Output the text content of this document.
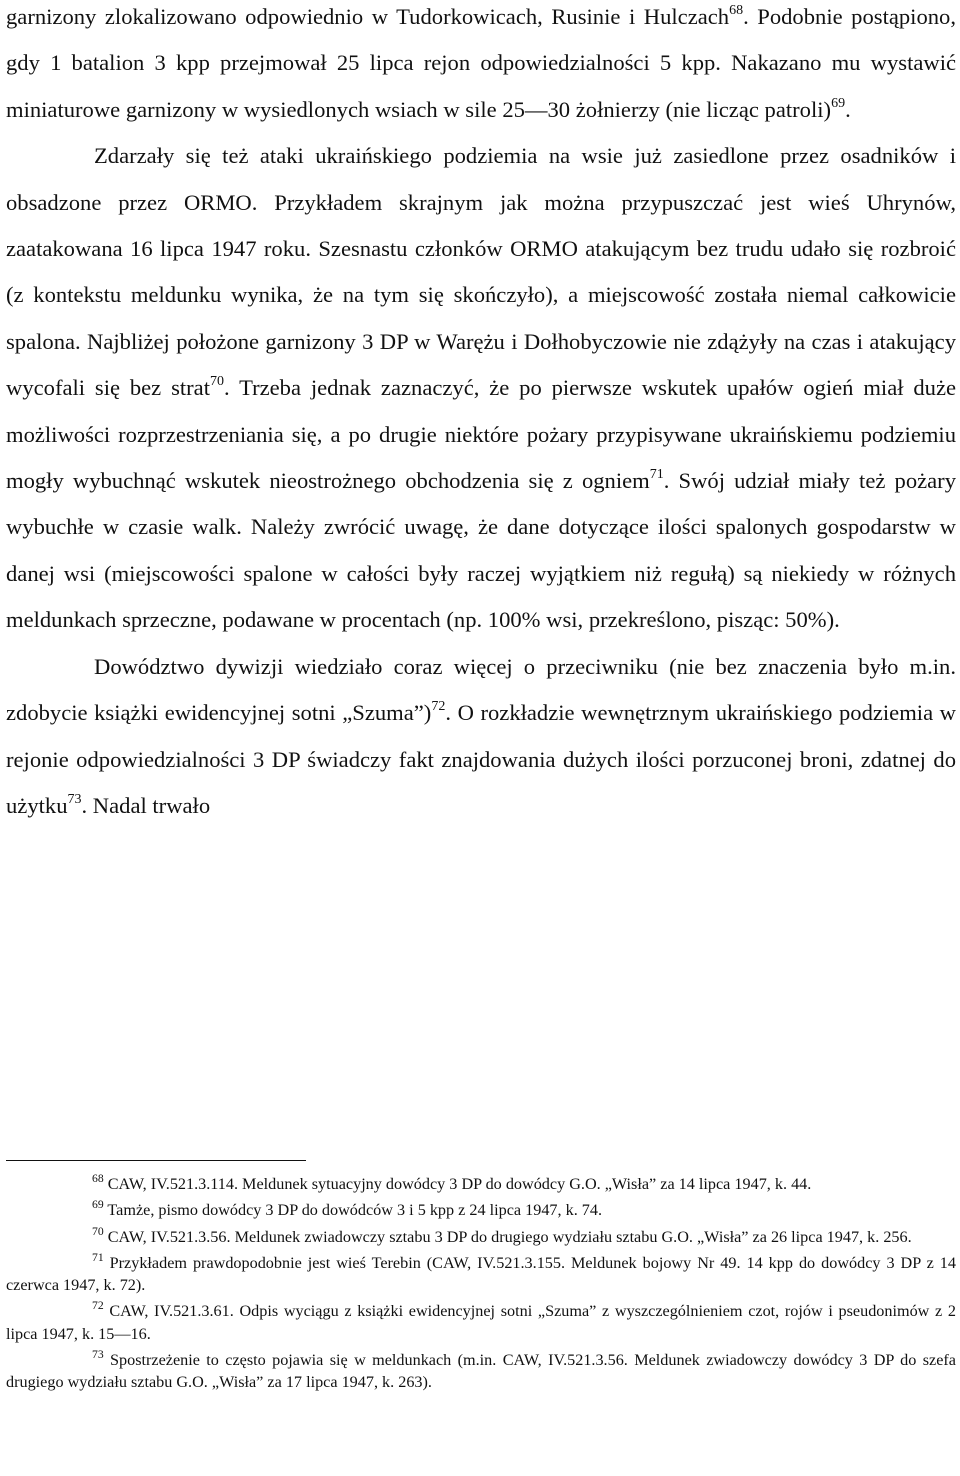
garnizony zlokalizowano odpowiednio w Tudorkowicach, Rusinie i Hulczach$^{68}$. Podobnie postąpiono, gdy 1 batalion 3 kpp przejmował 25 lipca rejon odpowiedzialności 5 kpp. Nakazano mu wystawić miniaturowe garnizony w wysiedlonych wsiach w sile 25—30 żołnierzy (nie licząc patroli)$^{69}$.

Zdarzały się też ataki ukraińskiego podziemia na wsie już zasiedlone przez osadników i obsadzone przez ORMO. Przykładem skrajnym jak można przypuszczać jest wieś Uhrynów, zaatakowana 16 lipca 1947 roku. Szesnastu członków ORMO atakującym bez trudu udało się rozbroić (z kontekstu meldunku wynika, że na tym się skończyło), a miejscowość została niemal całkowicie spalona. Najbliżej położone garnizony 3 DP w Warężu i Dołhobyczowie nie zdążyły na czas i atakujący wycofali się bez strat$^{70}$. Trzeba jednak zaznaczyć, że po pierwsze wskutek upałów ogień miał duże możliwości rozprzestrzeniania się, a po drugie niektóre pożary przypisywane ukraińskiemu podziemiu mogły wybuchnąć wskutek nieostrożnego obchodzenia się z ogniem$^{71}$. Swój udział miały też pożary wybuchłe w czasie walk. Należy zwrócić uwagę, że dane dotyczące ilości spalonych gospodarstw w danej wsi (miejscowości spalone w całości były raczej wyjątkiem niż regułą) są niekiedy w różnych meldunkach sprzeczne, podawane w procentach (np. 100% wsi, przekreślono, pisząc: 50%).

Dowództwo dywizji wiedziało coraz więcej o przeciwniku (nie bez znaczenia było m.in. zdobycie książki ewidencyjnej sotni „Szuma”)$^{72}$. O rozkładzie wewnętrznym ukraińskiego podziemia w rejonie odpowiedzialności 3 DP świadczy fakt znajdowania dużych ilości porzuconej broni, zdatnej do użytku$^{73}$. Nadal trwało

$^{68}$ CAW, IV.521.3.114. Meldunek sytuacyjny dowódcy 3 DP do dowódcy G.O. „Wisła” za 14 lipca 1947, k. 44.

$^{69}$ Tamże, pismo dowódcy 3 DP do dowódców 3 i 5 kpp z 24 lipca 1947, k. 74.

$^{70}$ CAW, IV.521.3.56. Meldunek zwiadowczy sztabu 3 DP do drugiego wydziału sztabu G.O. „Wisła” za 26 lipca 1947, k. 256.

$^{71}$ Przykładem prawdopodobnie jest wieś Terebin (CAW, IV.521.3.155. Meldunek bojowy Nr 49. 14 kpp do dowódcy 3 DP z 14 czerwca 1947, k. 72).

$^{72}$ CAW, IV.521.3.61. Odpis wyciągu z książki ewidencyjnej sotni „Szuma” z wyszczególnieniem czot, rojów i pseudonimów z 2 lipca 1947, k. 15—16.

$^{73}$ Spostrzeżenie to często pojawia się w meldunkach (m.in. CAW, IV.521.3.56. Meldunek zwiadowczy dowódcy 3 DP do szefa drugiego wydziału sztabu G.O. „Wisła” za 17 lipca 1947, k. 263).
